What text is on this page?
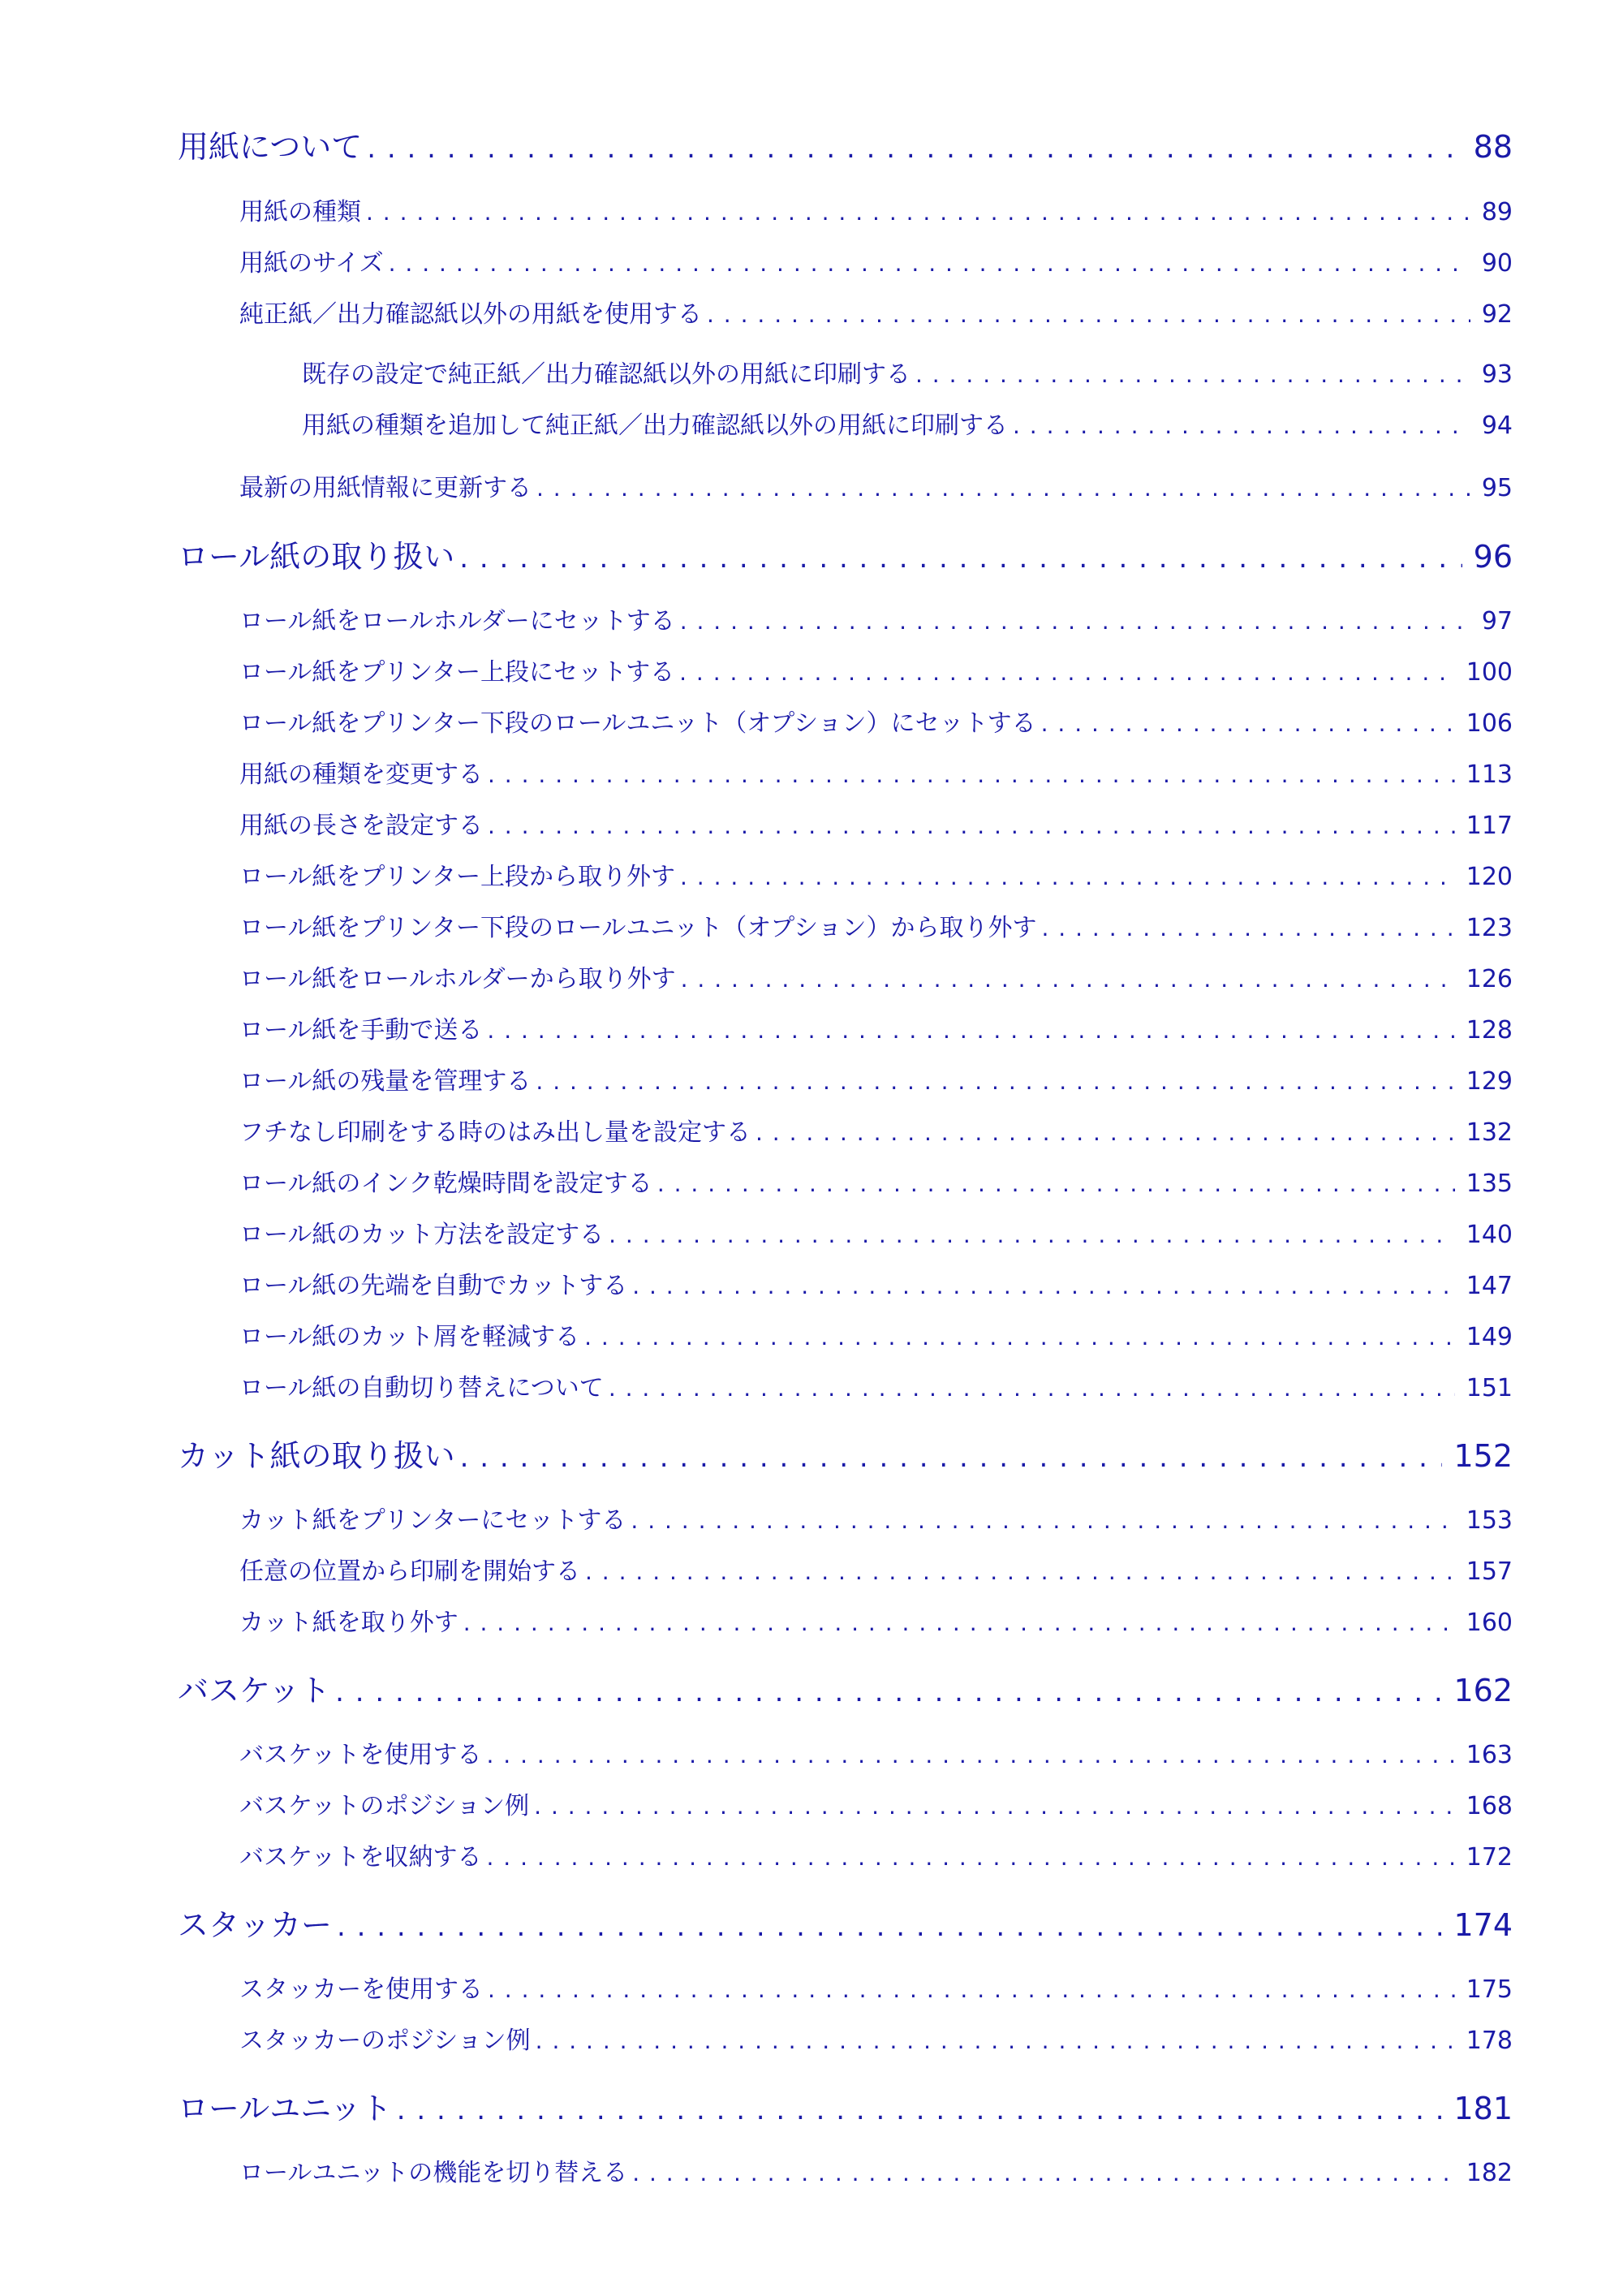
用紙について . . .	88
用紙の種類 . . .	89
用紙のサイズ . . .	90
純正紙／出力確認紙以外の用紙を使用する . . .	92
既存の設定で純正紙／出力確認紙以外の用紙に印刷する . . .	93
用紙の種類を追加して純正紙／出力確認紙以外の用紙に印刷する . . .	94
最新の用紙情報に更新する . . .	95
ロール紙の取り扱い . . .	96
ロール紙をロールホルダーにセットする . . .	97
ロール紙をプリンター上段にセットする . . .	100
ロール紙をプリンター下段のロールユニット（オプション）にセットする . . .	106
用紙の種類を変更する . . .	113
用紙の長さを設定する . . .	117
ロール紙をプリンター上段から取り外す . . .	120
ロール紙をプリンター下段のロールユニット（オプション）から取り外す . . .	123
ロール紙をロールホルダーから取り外す . . .	126
ロール紙を手動で送る . . .	128
ロール紙の残量を管理する . . .	129
フチなし印刷をする時のはみ出し量を設定する . . .	132
ロール紙のインク乾燥時間を設定する . . .	135
ロール紙のカット方法を設定する . . .	140
ロール紙の先端を自動でカットする . . .	147
ロール紙のカット屑を軽減する . . .	149
ロール紙の自動切り替えについて . . .	151
カット紙の取り扱い . . .	152
カット紙をプリンターにセットする . . .	153
任意の位置から印刷を開始する . . .	157
カット紙を取り外す . . .	160
バスケット . . .	162
バスケットを使用する . . .	163
バスケットのポジション例 . . .	168
バスケットを収納する . . .	172
スタッカー . . .	174
スタッカーを使用する . . .	175
スタッカーのポジション例 . . .	178
ロールユニット . . .	181
ロールユニットの機能を切り替える . . .	182
